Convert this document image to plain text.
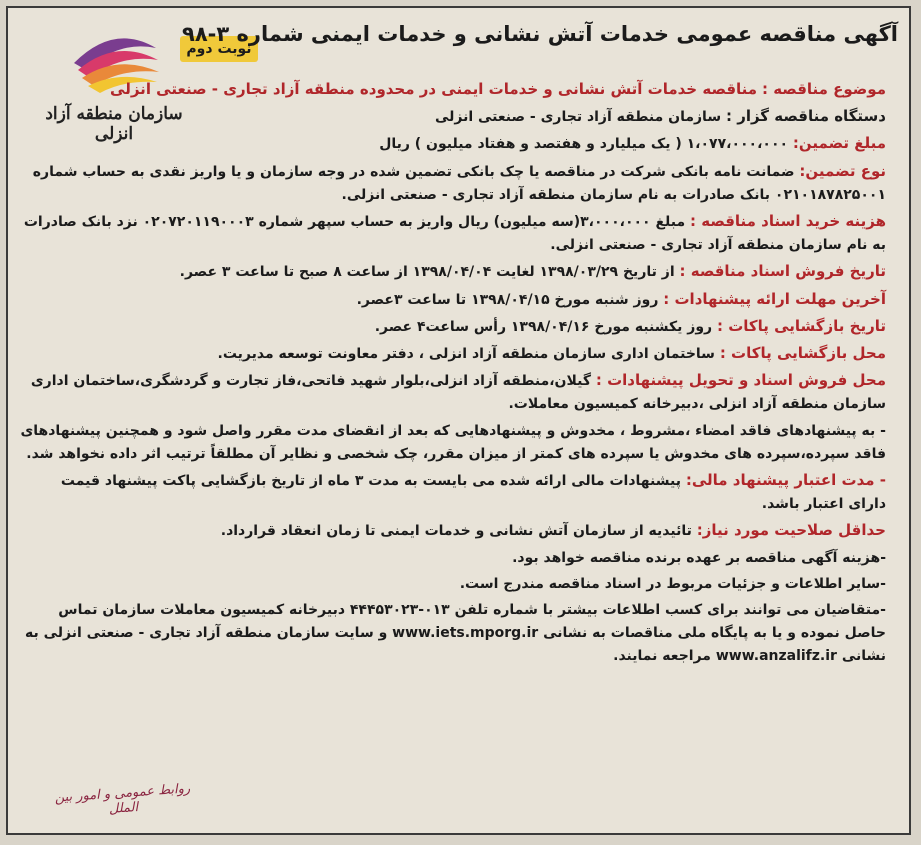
سازمان منطقه آزاد انزلی
نوبت دوم
آگهی مناقصه عمومی خدمات آتش نشانی و خدمات ایمنی شماره ۳-۹۸

موضوع مناقصه : مناقصه خدمات آتش نشانی و خدمات ایمنی در محدوده منطقه آزاد تجاری - صنعتی انزلی

دستگاه مناقصه گزار : سازمان منطقه آزاد تجاری - صنعتی انزلی

مبلغ تضمین: ۱،۰۷۷،۰۰۰،۰۰۰ ( یک میلیارد و هفتصد و هفتاد میلیون ) ریال

نوع تضمین: ضمانت نامه بانکی شرکت در مناقصه یا چک بانکی تضمین شده در وجه سازمان و یا واریز نقدی به حساب شماره ۰۲۱۰۱۸۷۸۲۵۰۰۱ بانک صادرات به نام سازمان منطقه آزاد تجاری - صنعتی انزلی.

هزینه خرید اسناد مناقصه : مبلغ ۳،۰۰۰،۰۰۰(سه میلیون) ریال واریز به حساب سپهر شماره ۰۲۰۷۲۰۱۱۹۰۰۰۳ نزد بانک صادرات به نام سازمان منطقه آزاد تجاری - صنعتی انزلی.

تاریخ فروش اسناد مناقصه : از تاریخ ۱۳۹۸/۰۳/۲۹ لغایت ۱۳۹۸/۰۴/۰۴ از ساعت ۸ صبح تا ساعت ۳ عصر.

آخرین مهلت ارائه پیشنهادات : روز شنبه مورخ ۱۳۹۸/۰۴/۱۵ تا ساعت ۳عصر.

تاریخ بازگشایی پاکات : روز یکشنبه مورخ ۱۳۹۸/۰۴/۱۶ رأس ساعت۴ عصر.

محل بازگشایی پاکات : ساختمان اداری سازمان منطقه آزاد انزلی ، دفتر معاونت توسعه مدیریت.

محل فروش اسناد و تحویل پیشنهادات : گیلان،منطقه آزاد انزلی،بلوار شهید فاتحی،فاز تجارت و گردشگری،ساختمان اداری سازمان منطقه آزاد انزلی ،دبیرخانه کمیسیون معاملات.

- به پیشنهادهای فاقد امضاء ،مشروط ، مخدوش و پیشنهادهایی که بعد از انقضای مدت مقرر واصل شود و همچنین پیشنهادهای فاقد سپرده،سپرده های مخدوش یا سپرده های کمتر از میزان مقرر، چک شخصی و نظایر آن مطلقاً ترتیب اثر داده نخواهد شد.

- مدت اعتبار پیشنهاد مالی: پیشنهادات مالی ارائه شده می بایست به مدت ۳ ماه از تاریخ بازگشایی پاکت پیشنهاد قیمت دارای اعتبار باشد.

حداقل صلاحیت مورد نیاز: تائیدیه از سازمان آتش نشانی و خدمات ایمنی تا زمان انعقاد قرارداد.

-هزینه آگهی مناقصه بر عهده برنده مناقصه خواهد بود.

-سایر اطلاعات و جزئیات مربوط در اسناد مناقصه مندرج است.

-متقاضیان می توانند برای کسب اطلاعات بیشتر با شماره تلفن ۰۱۳-۴۴۴۵۳۰۲۳ دبیرخانه کمیسیون معاملات سازمان تماس حاصل نموده و یا به پایگاه ملی مناقصات به نشانی www.iets.mporg.ir و سایت سازمان منطقه آزاد تجاری - صنعتی انزلی به نشانی www.anzalifz.ir مراجعه نمایند.

روابط عمومی و امور بین الملل
